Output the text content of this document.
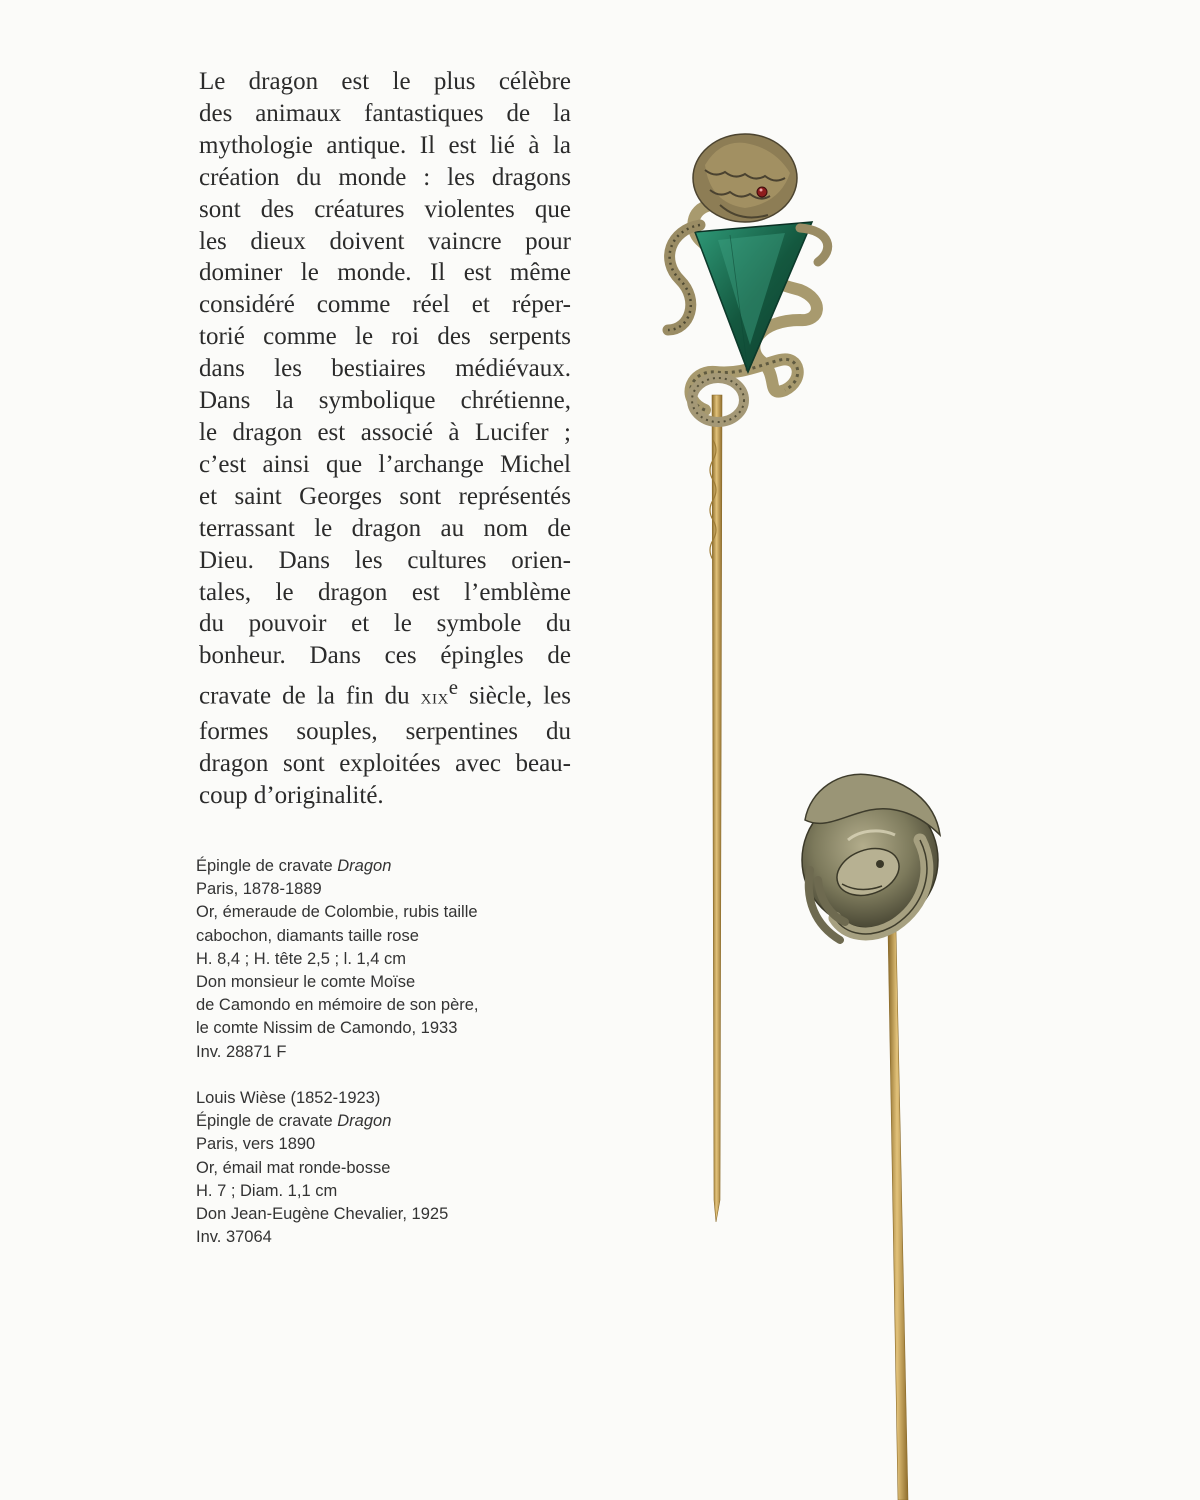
Le dragon est le plus célèbre
des animaux fantastiques de la
mythologie antique. Il est lié à la
création du monde : les dragons
sont des créatures violentes que
les dieux doivent vaincre pour
dominer le monde. Il est même
considéré comme réel et réper-
torié comme le roi des serpents
dans les bestiaires médiévaux.
Dans la symbolique chrétienne,
le dragon est associé à Lucifer ;
c’est ainsi que l’archange Michel
et saint Georges sont représentés
terrassant le dragon au nom de
Dieu. Dans les cultures orien-
tales, le dragon est l’emblème
du pouvoir et le symbole du
bonheur. Dans ces épingles de
cravate de la fin du XIXe siècle, les
formes souples, serpentines du
dragon sont exploitées avec beau-
coup d’originalité.
Épingle de cravate Dragon
Paris, 1878-1889
Or, émeraude de Colombie, rubis taille
cabochon, diamants taille rose
H. 8,4 ; H. tête 2,5 ; l. 1,4 cm
Don monsieur le comte Moïse
de Camondo en mémoire de son père,
le comte Nissim de Camondo, 1933
Inv. 28871 F
Louis Wièse (1852-1923)
Épingle de cravate Dragon
Paris, vers 1890
Or, émail mat ronde-bosse
H. 7 ; Diam. 1,1 cm
Don Jean-Eugène Chevalier, 1925
Inv. 37064
